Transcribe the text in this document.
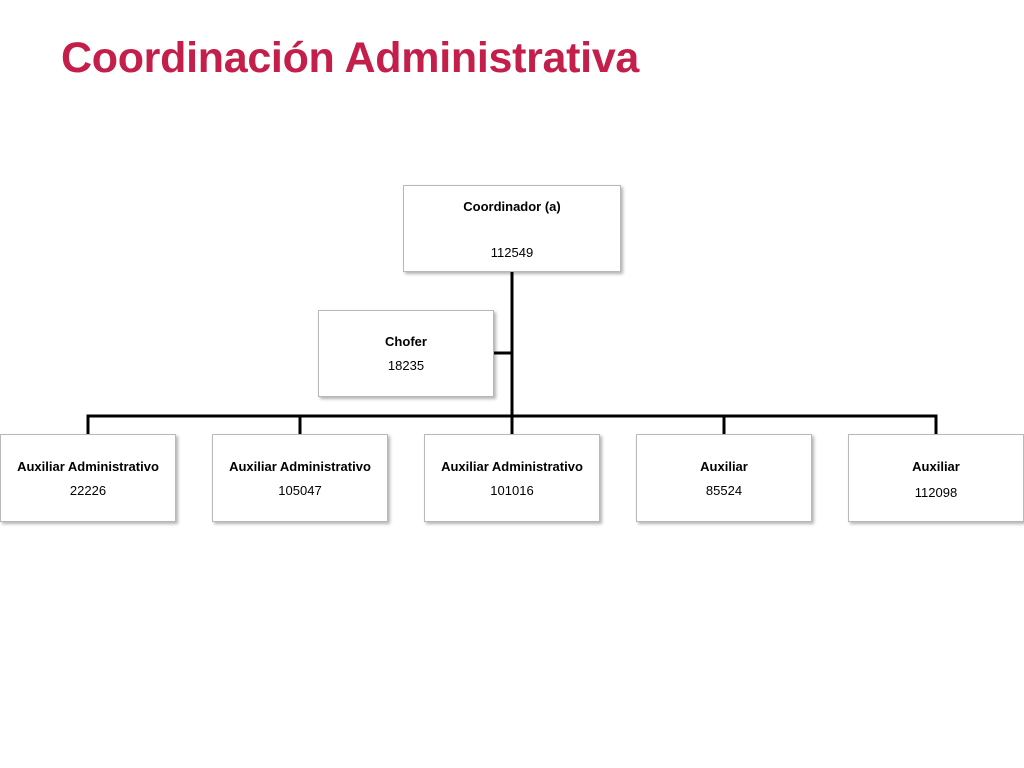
Coordinación Administrativa
Coordinador (a)
112549
Chofer
18235
Auxiliar Administrativo
22226
Auxiliar Administrativo
105047
Auxiliar Administrativo
101016
Auxiliar
85524
Auxiliar
112098
